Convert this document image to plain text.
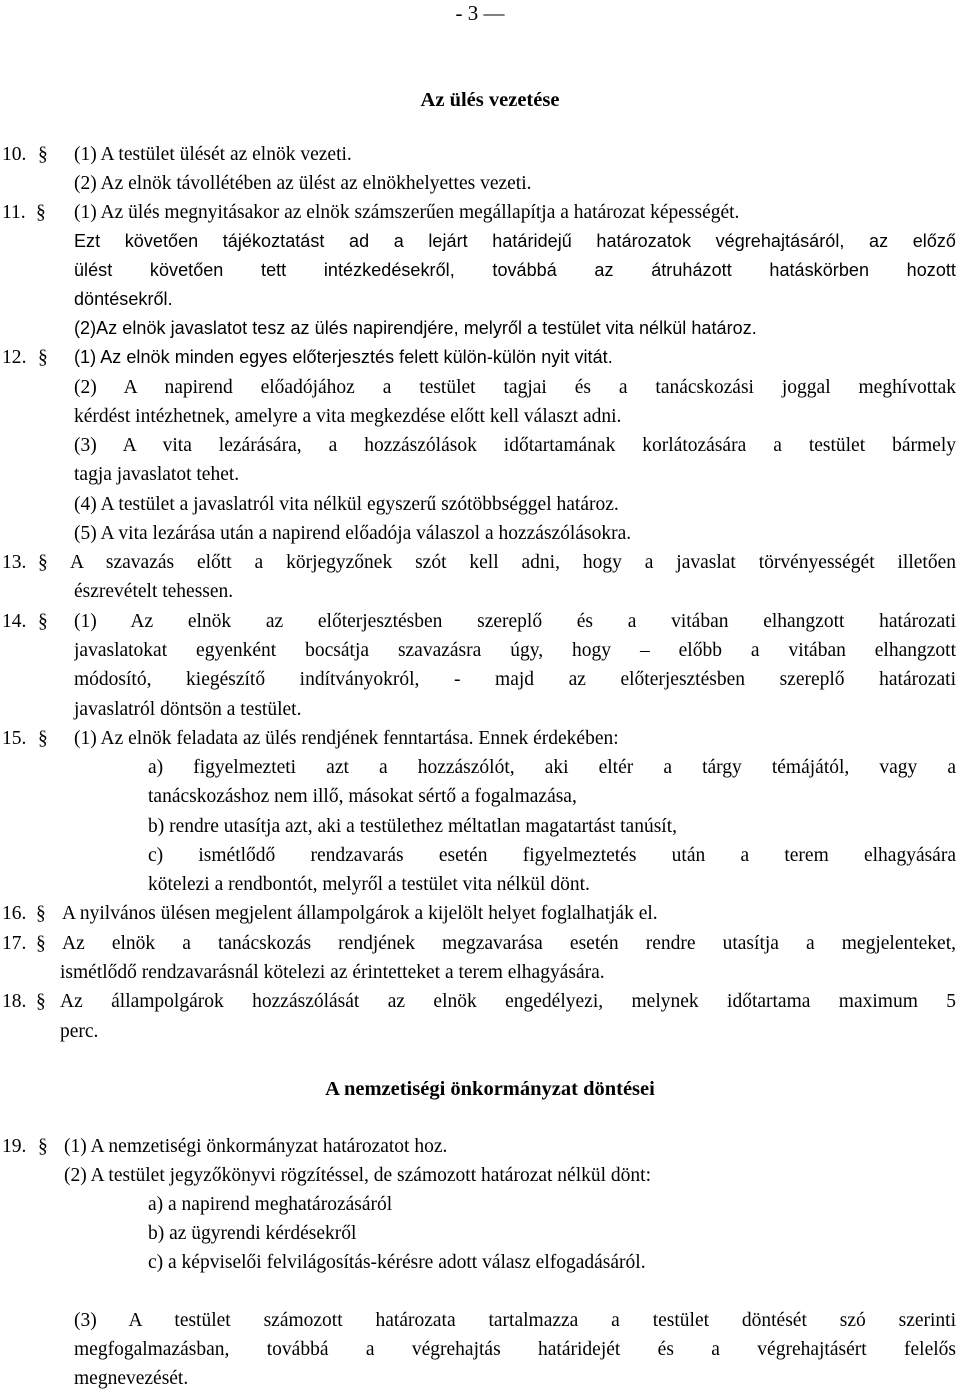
- 3 —
Az ülés vezetése
10. § (1) A testület ülését az elnök vezeti.
(2) Az elnök távollétében az ülést az elnökhelyettes vezeti.
11. § (1) Az ülés megnyitásakor az elnök számszerűen megállapítja a határozat képességét.
Ezt követően tájékoztatást ad a lejárt határidejű határozatok végrehajtásáról, az előző
ülést követően tett intézkedésekről, továbbá az átruházott hatáskörben hozott
döntésekről.
(2)Az elnök javaslatot tesz az ülés napirendjére, melyről a testület vita nélkül határoz.
12. § (1) Az elnök minden egyes előterjesztés felett külön-külön nyit vitát.
(2) A napirend előadójához a testület tagjai és a tanácskozási joggal meghívottak
kérdést intézhetnek, amelyre a vita megkezdése előtt kell választ adni.
(3) A vita lezárására, a hozzászólások időtartamának korlátozására a testület bármely
tagja javaslatot tehet.
(4) A testület a javaslatról vita nélkül egyszerű szótöbbséggel határoz.
(5) A vita lezárása után a napirend előadója válaszol a hozzászólásokra.
13. § A szavazás előtt a körjegyzőnek szót kell adni, hogy a javaslat törvényességét illetően
észrevételt tehessen.
14. § (1) Az elnök az előterjesztésben szereplő és a vitában elhangzott határozati
javaslatokat egyenként bocsátja szavazásra úgy, hogy – előbb a vitában elhangzott
módosító, kiegészítő indítványokról, - majd az előterjesztésben szereplő határozati
javaslatról döntsön a testület.
15. § (1) Az elnök feladata az ülés rendjének fenntartása. Ennek érdekében:
a) figyelmezteti azt a hozzászólót, aki eltér a tárgy témájától, vagy a
tanácskozáshoz nem illő, másokat sértő a fogalmazása,
b) rendre utasítja azt, aki a testülethez méltatlan magatartást tanúsít,
c) ismétlődő rendzavarás esetén figyelmeztetés után a terem elhagyására
kötelezi a rendbontót, melyről a testület vita nélkül dönt.
16. § A nyilvános ülésen megjelent állampolgárok a kijelölt helyet foglalhatják el.
17. § Az elnök a tanácskozás rendjének megzavarása esetén rendre utasítja a megjelenteket,
ismétlődő rendzavarásnál kötelezi az érintetteket a terem elhagyására.
18. § Az állampolgárok hozzászólását az elnök engedélyezi, melynek időtartama maximum 5
perc.
A nemzetiségi önkormányzat döntései
19. § (1) A nemzetiségi önkormányzat határozatot hoz.
(2) A testület jegyzőkönyvi rögzítéssel, de számozott határozat nélkül dönt:
a) a napirend meghatározásáról
b) az ügyrendi kérdésekről
c) a képviselői felvilágosítás-kérésre adott válasz elfogadásáról.
(3) A testület számozott határozata tartalmazza a testület döntését szó szerinti
megfogalmazásban, továbbá a végrehajtás határidejét és a végrehajtásért felelős
megnevezését.
